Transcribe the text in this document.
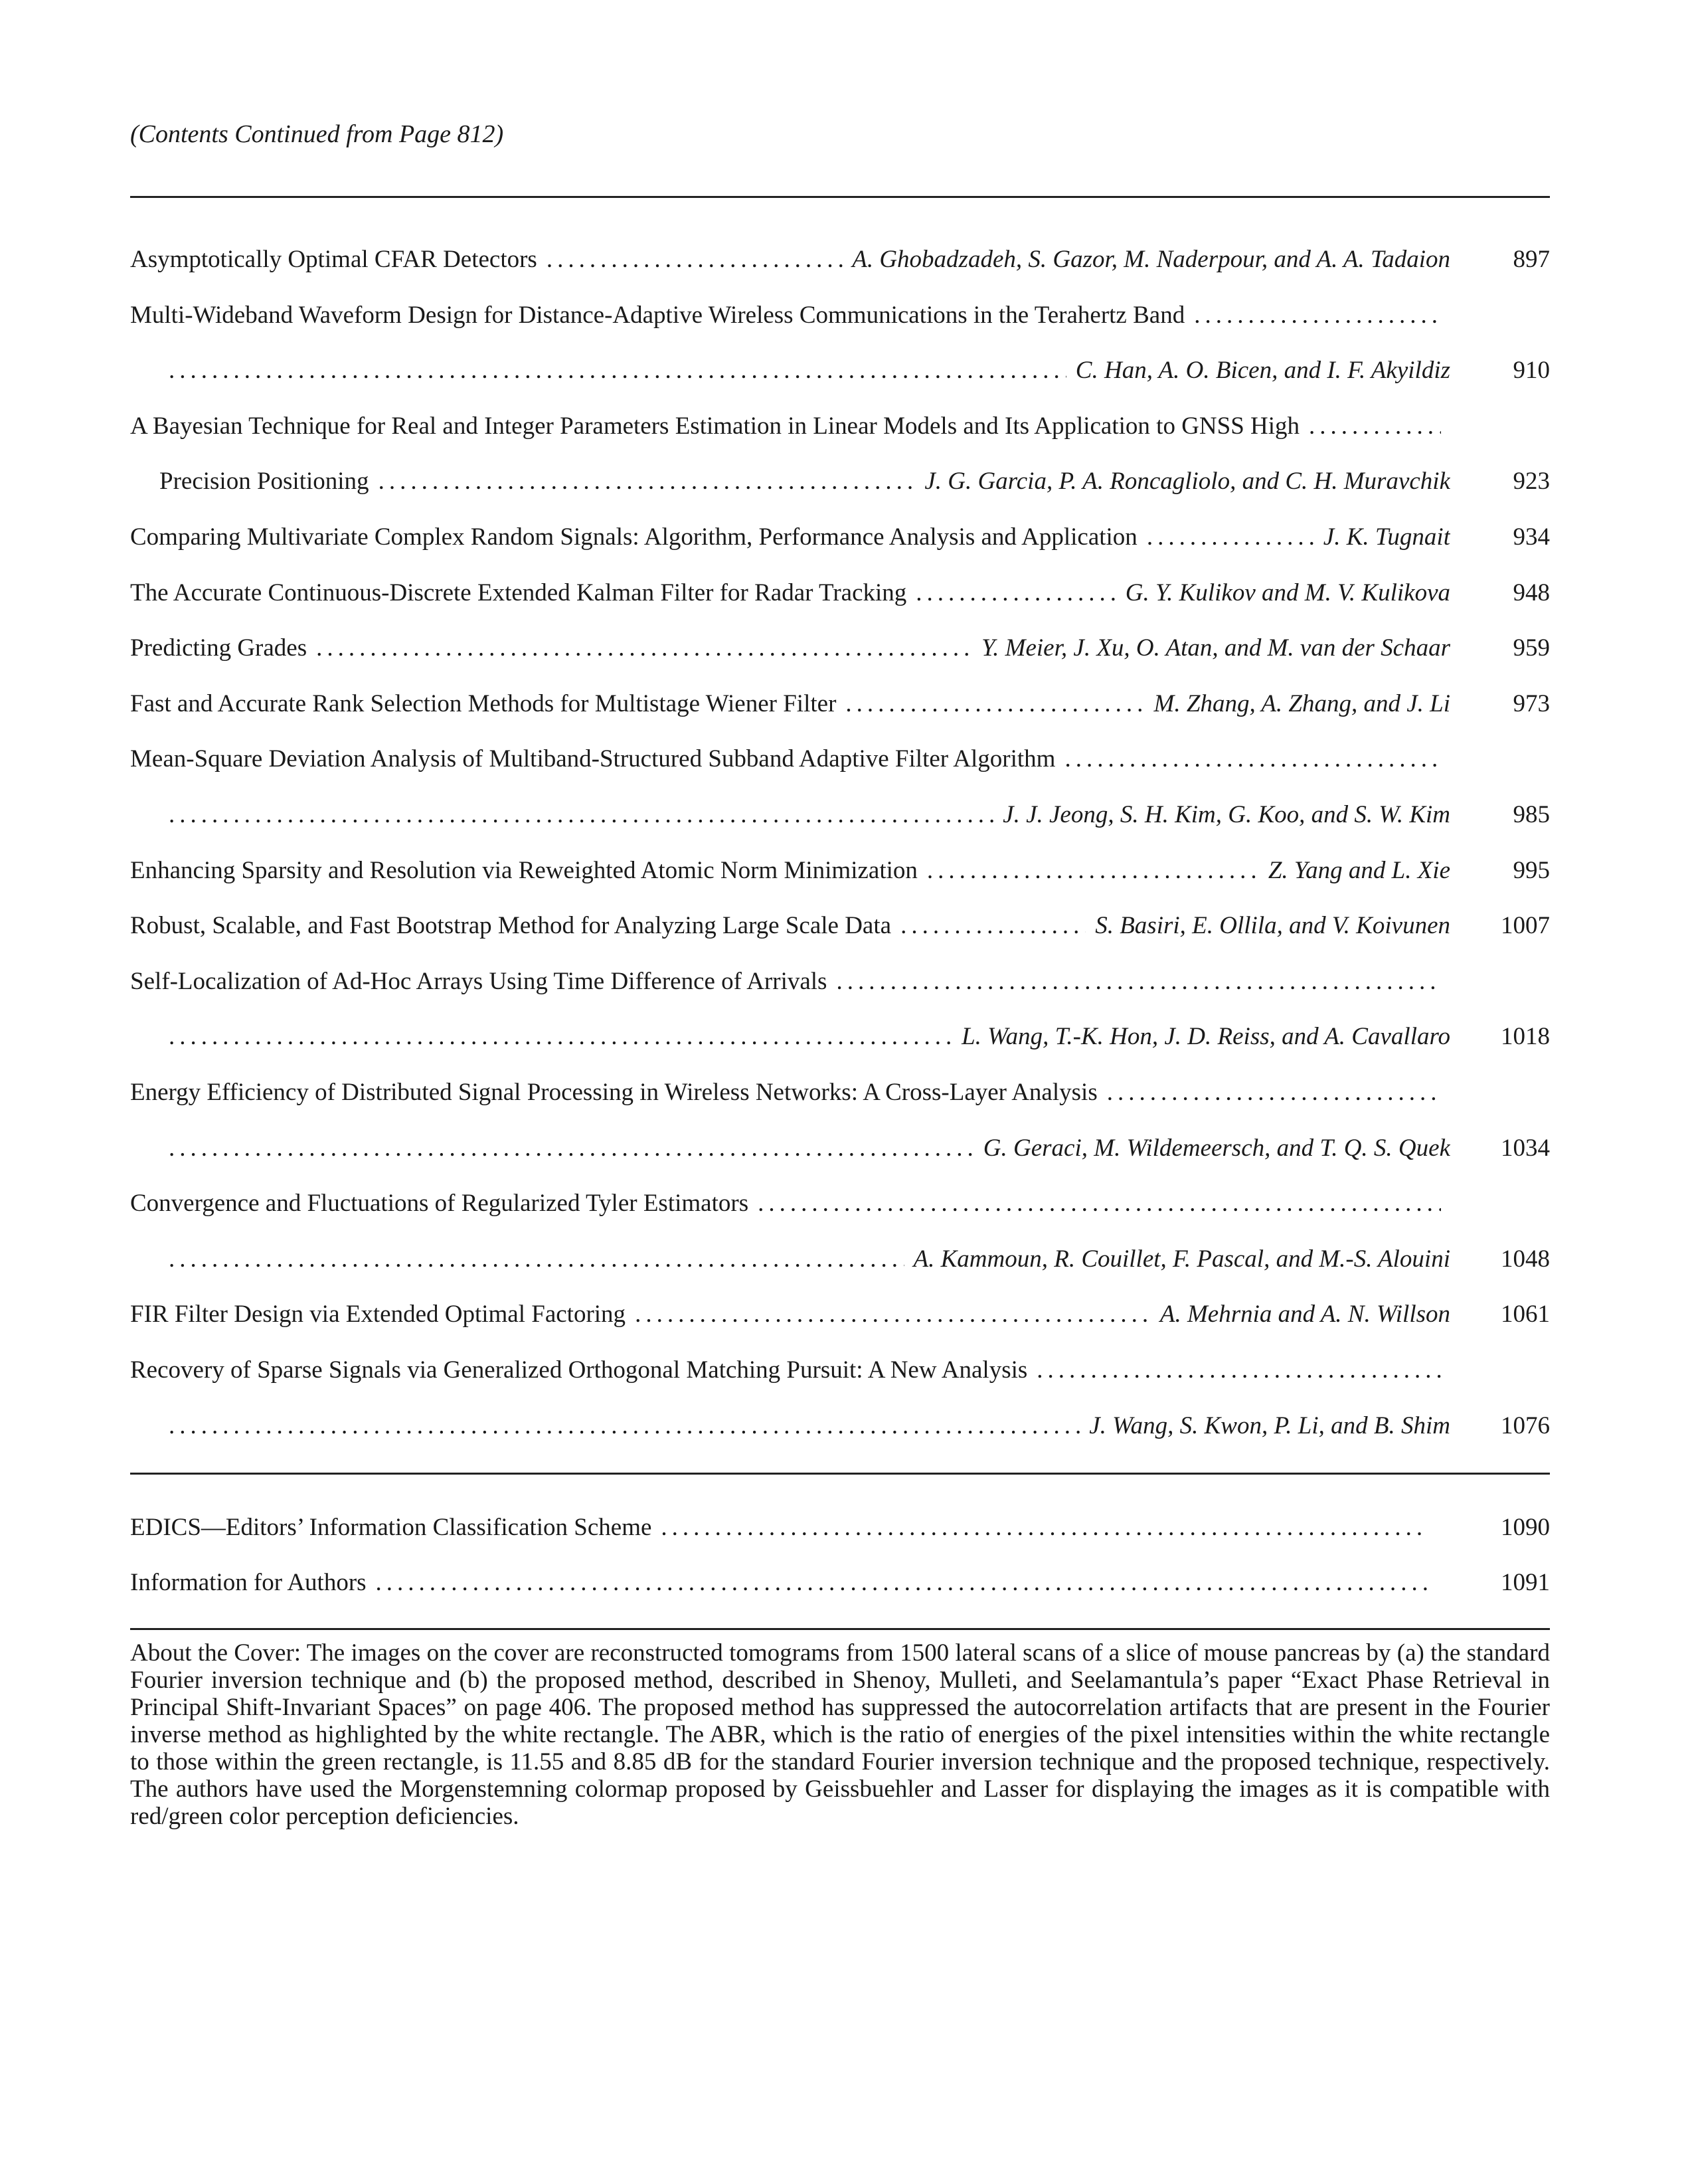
(Contents Continued from Page 812)
About the Cover: The images on the cover are reconstructed tomograms from 1500 lateral scans of a slice of mouse pancreas by (a) the standard Fourier inversion technique and (b) the proposed method, described in Shenoy, Mulleti, and Seelamantula’s paper “Exact Phase Retrieval in Principal Shift-Invariant Spaces” on page 406. The proposed method has suppressed the autocorrelation artifacts that are present in the Fourier inverse method as highlighted by the white rectangle. The ABR, which is the ratio of energies of the pixel intensities within the white rectangle to those within the green rectangle, is 11.55 and 8.85 dB for the standard Fourier inversion technique and the proposed technique, respectively. The authors have used the Morgenstemning colormap proposed by Geissbuehler and Lasser for displaying the images as it is compatible with red/green color perception deficiencies.
Asymptotically Optimal CFAR Detectors .....	A. Ghobadzadeh, S. Gazor, M. Naderpour, and A. A. Tadaion	897
Multi-Wideband Waveform Design for Distance-Adaptive Wireless Communications in the Terahertz Band
.....
.....
C. Han, A. O. Bicen, and I. F. Akyildiz	910
A Bayesian Technique for Real and Integer Parameters Estimation in Linear Models and Its Application to GNSS High
.....
Precision Positioning .....	J. G. Garcia, P. A. Roncagliolo, and C. H. Muravchik	923
Comparing Multivariate Complex Random Signals: Algorithm, Performance Analysis and Application .....	J. K. Tugnait	934
The Accurate Continuous-Discrete Extended Kalman Filter for Radar Tracking .....	G. Y. Kulikov and M. V. Kulikova	948
Predicting Grades .....	Y. Meier, J. Xu, O. Atan, and M. van der Schaar	959
Fast and Accurate Rank Selection Methods for Multistage Wiener Filter .....	M. Zhang, A. Zhang, and J. Li	973
Mean-Square Deviation Analysis of Multiband-Structured Subband Adaptive Filter Algorithm
.....
.....
J. J. Jeong, S. H. Kim, G. Koo, and S. W. Kim	985
Enhancing Sparsity and Resolution via Reweighted Atomic Norm Minimization .....	Z. Yang and L. Xie	995
Robust, Scalable, and Fast Bootstrap Method for Analyzing Large Scale Data .....	S. Basiri, E. Ollila, and V. Koivunen	1007
Self-Localization of Ad-Hoc Arrays Using Time Difference of Arrivals
.....
.....
L. Wang, T.-K. Hon, J. D. Reiss, and A. Cavallaro	1018
Energy Efficiency of Distributed Signal Processing in Wireless Networks: A Cross-Layer Analysis
.....
.....
G. Geraci, M. Wildemeersch, and T. Q. S. Quek	1034
Convergence and Fluctuations of Regularized Tyler Estimators
.....
.....
A. Kammoun, R. Couillet, F. Pascal, and M.-S. Alouini	1048
FIR Filter Design via Extended Optimal Factoring .....	A. Mehrnia and A. N. Willson	1061
Recovery of Sparse Signals via Generalized Orthogonal Matching Pursuit: A New Analysis
.....
.....
J. Wang, S. Kwon, P. Li, and B. Shim	1076
EDICS—Editors’ Information Classification Scheme .....	1090
Information for Authors .....	1091
